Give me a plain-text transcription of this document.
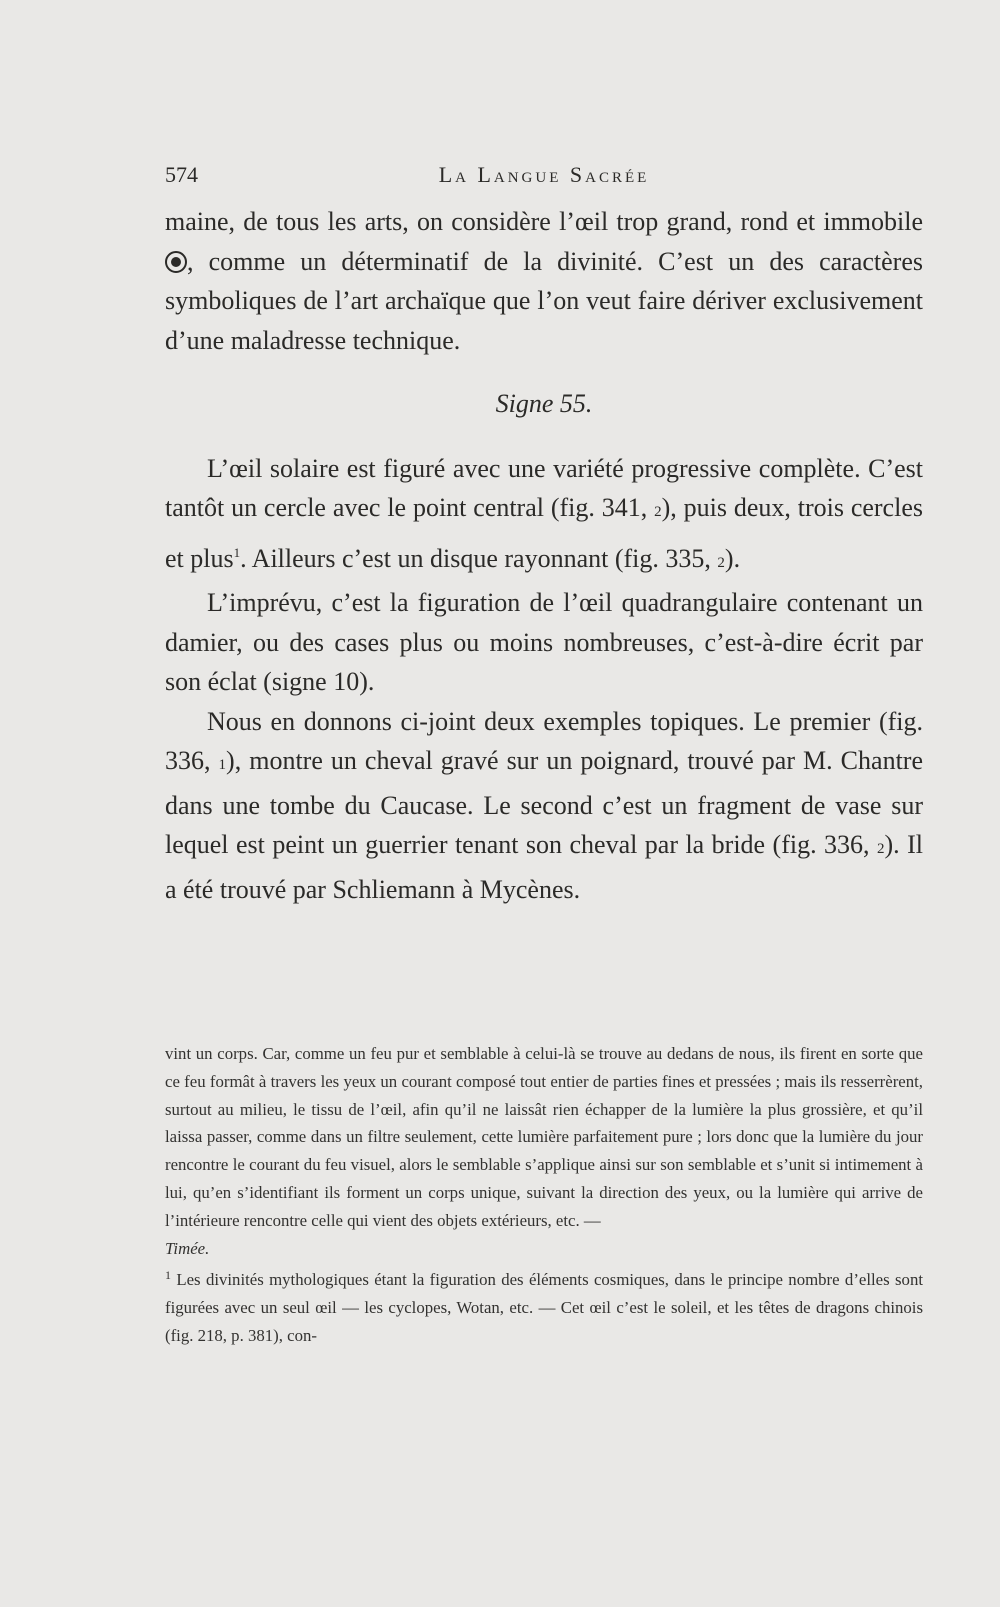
574	La Langue Sacrée

maine, de tous les arts, on considère l’œil trop grand, rond et immobile , comme un déterminatif de la divinité. C’est un des caractères symboliques de l’art archaïque que l’on veut faire dériver exclusivement d’une maladresse technique.

Signe 55.

L’œil solaire est figuré avec une variété progressive complète. C’est tantôt un cercle avec le point central (fig. 341, 2), puis deux, trois cercles et plus$^1$. Ailleurs c’est un disque rayonnant (fig. 335, 2).

L’imprévu, c’est la figuration de l’œil quadrangulaire contenant un damier, ou des cases plus ou moins nombreuses, c’est-à-dire écrit par son éclat (signe 10).

Nous en donnons ci-joint deux exemples topiques. Le premier (fig. 336, 1), montre un cheval gravé sur un poignard, trouvé par M. Chantre dans une tombe du Caucase. Le second c’est un fragment de vase sur lequel est peint un guerrier tenant son cheval par la bride (fig. 336, 2). Il a été trouvé par Schliemann à Mycènes.

vint un corps. Car, comme un feu pur et semblable à celui-là se trouve au dedans de nous, ils firent en sorte que ce feu formât à travers les yeux un courant composé tout entier de parties fines et pressées ; mais ils resserrèrent, surtout au milieu, le tissu de l’œil, afin qu’il ne laissât rien échapper de la lumière la plus grossière, et qu’il laissa passer, comme dans un filtre seulement, cette lumière parfaitement pure ; lors donc que la lumière du jour rencontre le courant du feu visuel, alors le semblable s’applique ainsi sur son semblable et s’unit si intimement à lui, qu’en s’identifiant ils forment un corps unique, suivant la direction des yeux, ou la lumière qui arrive de l’intérieure rencontre celle qui vient des objets extérieurs, etc. —
Timée.

$^1$ Les divinités mythologiques étant la figuration des éléments cosmiques, dans le principe nombre d’elles sont figurées avec un seul œil — les cyclopes, Wotan, etc. — Cet œil c’est le soleil, et les têtes de dragons chinois (fig. 218, p. 381), con-
